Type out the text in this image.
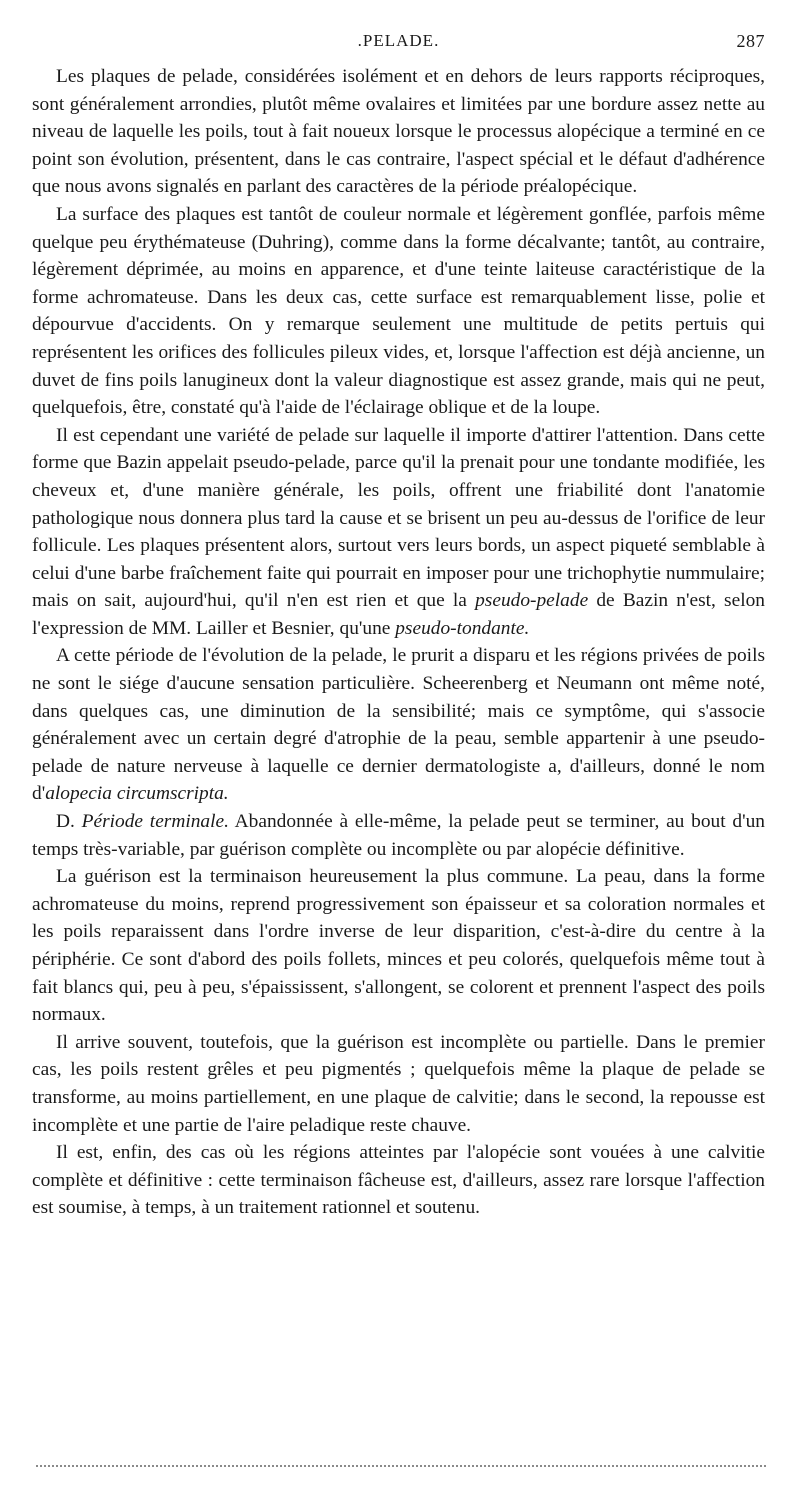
.PELADE.	287

Les plaques de pelade, considérées isolément et en dehors de leurs rapports réciproques, sont généralement arrondies, plutôt même ovalaires et limitées par une bordure assez nette au niveau de laquelle les poils, tout à fait noueux lorsque le processus alopécique a terminé en ce point son évolution, présentent, dans le cas contraire, l'aspect spécial et le défaut d'adhérence que nous avons signalés en parlant des caractères de la période préalopécique.

La surface des plaques est tantôt de couleur normale et légèrement gonflée, parfois même quelque peu érythémateuse (Duhring), comme dans la forme décalvante; tantôt, au contraire, légèrement déprimée, au moins en apparence, et d'une teinte laiteuse caractéristique de la forme achromateuse. Dans les deux cas, cette surface est remarquablement lisse, polie et dépourvue d'accidents. On y remarque seulement une multitude de petits pertuis qui représentent les orifices des follicules pileux vides, et, lorsque l'affection est déjà ancienne, un duvet de fins poils lanugineux dont la valeur diagnostique est assez grande, mais qui ne peut, quelquefois, être, constaté qu'à l'aide de l'éclairage oblique et de la loupe.

Il est cependant une variété de pelade sur laquelle il importe d'attirer l'attention. Dans cette forme que Bazin appelait pseudo-pelade, parce qu'il la prenait pour une tondante modifiée, les cheveux et, d'une manière générale, les poils, offrent une friabilité dont l'anatomie pathologique nous donnera plus tard la cause et se brisent un peu au-dessus de l'orifice de leur follicule. Les plaques présentent alors, surtout vers leurs bords, un aspect piqueté semblable à celui d'une barbe fraîchement faite qui pourrait en imposer pour une trichophytie nummulaire; mais on sait, aujourd'hui, qu'il n'en est rien et que la pseudo-pelade de Bazin n'est, selon l'expression de MM. Lailler et Besnier, qu'une pseudo-tondante.

A cette période de l'évolution de la pelade, le prurit a disparu et les régions privées de poils ne sont le siége d'aucune sensation particulière. Scheerenberg et Neumann ont même noté, dans quelques cas, une diminution de la sensibilité; mais ce symptôme, qui s'associe généralement avec un certain degré d'atrophie de la peau, semble appartenir à une pseudo-pelade de nature nerveuse à laquelle ce dernier dermatologiste a, d'ailleurs, donné le nom d'alopecia circumscripta.

D. Période terminale. Abandonnée à elle-même, la pelade peut se terminer, au bout d'un temps très-variable, par guérison complète ou incomplète ou par alopécie définitive.

La guérison est la terminaison heureusement la plus commune. La peau, dans la forme achromateuse du moins, reprend progressivement son épaisseur et sa coloration normales et les poils reparaissent dans l'ordre inverse de leur disparition, c'est-à-dire du centre à la périphérie. Ce sont d'abord des poils follets, minces et peu colorés, quelquefois même tout à fait blancs qui, peu à peu, s'épaississent, s'allongent, se colorent et prennent l'aspect des poils normaux.

Il arrive souvent, toutefois, que la guérison est incomplète ou partielle. Dans le premier cas, les poils restent grêles et peu pigmentés ; quelquefois même la plaque de pelade se transforme, au moins partiellement, en une plaque de calvitie; dans le second, la repousse est incomplète et une partie de l'aire peladique reste chauve.

Il est, enfin, des cas où les régions atteintes par l'alopécie sont vouées à une calvitie complète et définitive : cette terminaison fâcheuse est, d'ailleurs, assez rare lorsque l'affection est soumise, à temps, à un traitement rationnel et soutenu.
